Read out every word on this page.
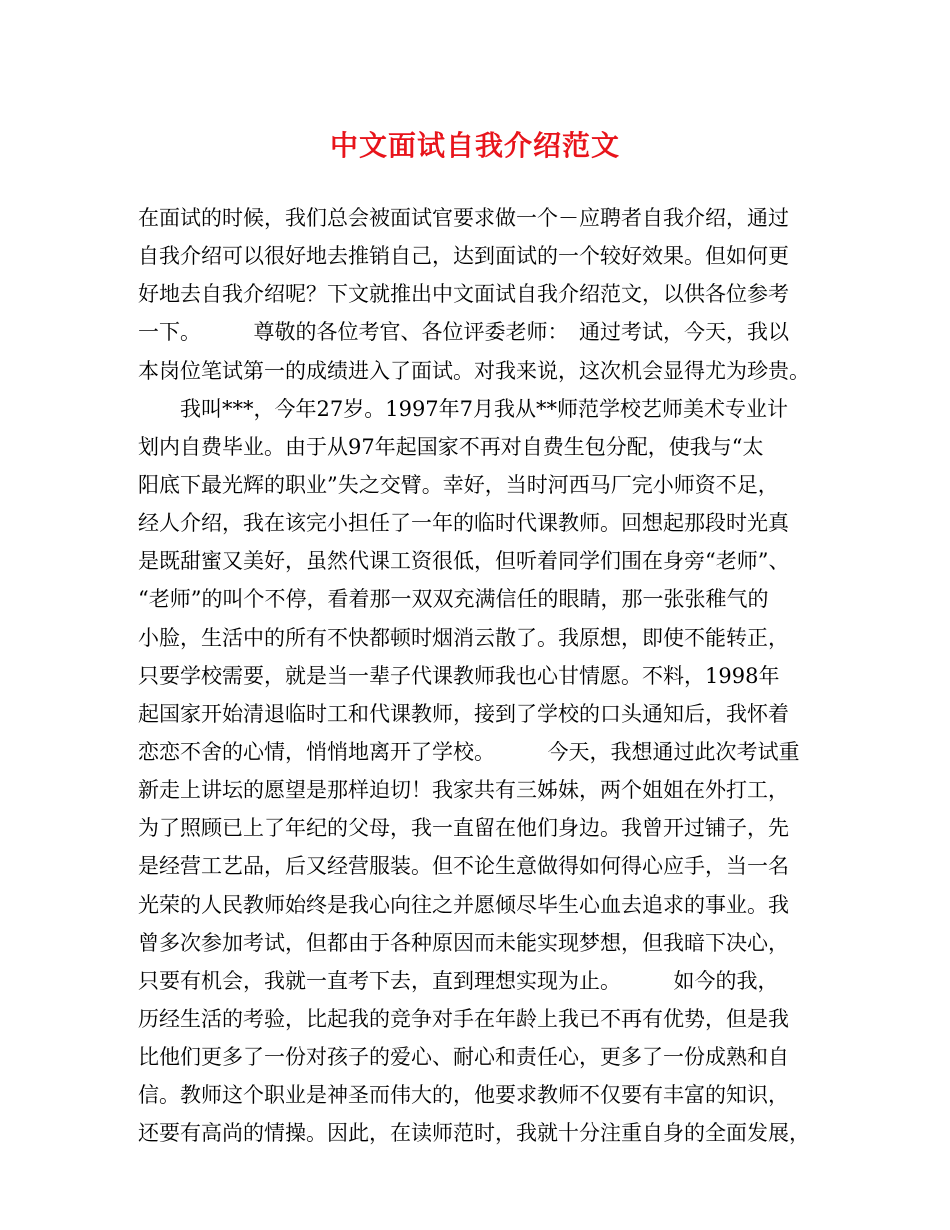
中文面试自我介绍范文
在面试的时候，我们总会被面试官要求做一个－应聘者自我介绍，通过
自我介绍可以很好地去推销自己，达到面试的一个较好效果。但如何更
好地去自我介绍呢？下文就推出中文面试自我介绍范文，以供各位参考
一下。　　　尊敬的各位考官、各位评委老师：　通过考试，今天，我以
本岗位笔试第一的成绩进入了面试。对我来说，这次机会显得尤为珍贵。
　　我叫***，今年27岁。1997年7月我从**师范学校艺师美术专业计
划内自费毕业。由于从97年起国家不再对自费生包分配，使我与“太
阳底下最光辉的职业”失之交臂。幸好，当时河西马厂完小师资不足，
经人介绍，我在该完小担任了一年的临时代课教师。回想起那段时光真
是既甜蜜又美好，虽然代课工资很低，但听着同学们围在身旁“老师”、
“老师”的叫个不停，看着那一双双充满信任的眼睛，那一张张稚气的
小脸，生活中的所有不快都顿时烟消云散了。我原想，即使不能转正，
只要学校需要，就是当一辈子代课教师我也心甘情愿。不料，1998年
起国家开始清退临时工和代课教师，接到了学校的口头通知后，我怀着
恋恋不舍的心情，悄悄地离开了学校。　　　今天，我想通过此次考试重
新走上讲坛的愿望是那样迫切！我家共有三姊妹，两个姐姐在外打工，
为了照顾已上了年纪的父母，我一直留在他们身边。我曾开过铺子，先
是经营工艺品，后又经营服装。但不论生意做得如何得心应手，当一名
光荣的人民教师始终是我心向往之并愿倾尽毕生心血去追求的事业。我
曾多次参加考试，但都由于各种原因而未能实现梦想，但我暗下决心，
只要有机会，我就一直考下去，直到理想实现为止。　　　如今的我，
历经生活的考验，比起我的竞争对手在年龄上我已不再有优势，但是我
比他们更多了一份对孩子的爱心、耐心和责任心，更多了一份成熟和自
信。教师这个职业是神圣而伟大的，他要求教师不仅要有丰富的知识，
还要有高尚的情操。因此，在读师范时，我就十分注重自身的全面发展，
